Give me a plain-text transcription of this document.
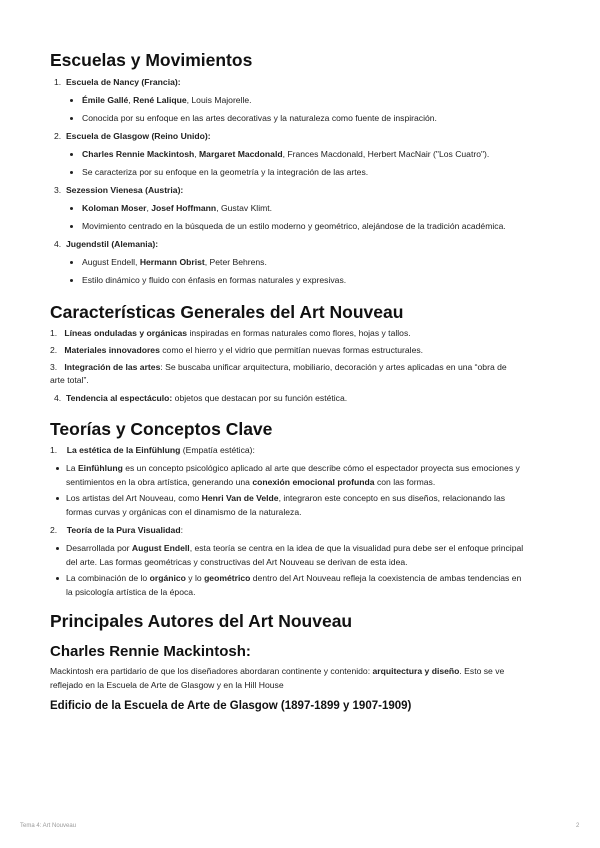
Escuelas y Movimientos
1. Escuela de Nancy (Francia):
Émile Gallé, René Lalique, Louis Majorelle.
Conocida por su enfoque en las artes decorativas y la naturaleza como fuente de inspiración.
2. Escuela de Glasgow (Reino Unido):
Charles Rennie Mackintosh, Margaret Macdonald, Frances Macdonald, Herbert MacNair ("Los Cuatro").
Se caracteriza por su enfoque en la geometría y la integración de las artes.
3. Sezession Vienesa (Austria):
Koloman Moser, Josef Hoffmann, Gustav Klimt.
Movimiento centrado en la búsqueda de un estilo moderno y geométrico, alejándose de la tradición académica.
4. Jugendstil (Alemania):
August Endell, Hermann Obrist, Peter Behrens.
Estilo dinámico y fluido con énfasis en formas naturales y expresivas.
Características Generales del Art Nouveau
1. Líneas onduladas y orgánicas inspiradas en formas naturales como flores, hojas y tallos.
2. Materiales innovadores como el hierro y el vidrio que permitían nuevas formas estructurales.
3. Integración de las artes: Se buscaba unificar arquitectura, mobiliario, decoración y artes aplicadas en una “obra de
arte total”.
4. Tendencia al espectáculo: objetos que destacan por su función estética.
Teorías y Conceptos Clave
1. La estética de la Einfühlung (Empatía estética):
La Einfühlung es un concepto psicológico aplicado al arte que describe cómo el espectador proyecta sus emociones y
sentimientos en la obra artística, generando una conexión emocional profunda con las formas.
Los artistas del Art Nouveau, como Henri Van de Velde, integraron este concepto en sus diseños, relacionando las
formas curvas y orgánicas con el dinamismo de la naturaleza.
2. Teoría de la Pura Visualidad:
Desarrollada por August Endell, esta teoría se centra en la idea de que la visualidad pura debe ser el enfoque principal
del arte. Las formas geométricas y constructivas del Art Nouveau se derivan de esta idea.
La combinación de lo orgánico y lo geométrico dentro del Art Nouveau refleja la coexistencia de ambas tendencias en
la psicología artística de la época.
Principales Autores del Art Nouveau
Charles Rennie Mackintosh:
Mackintosh era partidario de que los diseñadores abordaran continente y contenido: arquitectura y diseño. Esto se ve
reflejado en la Escuela de Arte de Glasgow y en la Hill House
Edificio de la Escuela de Arte de Glasgow (1897-1899 y 1907-1909)
Tema 4: Art Nouveau	2
